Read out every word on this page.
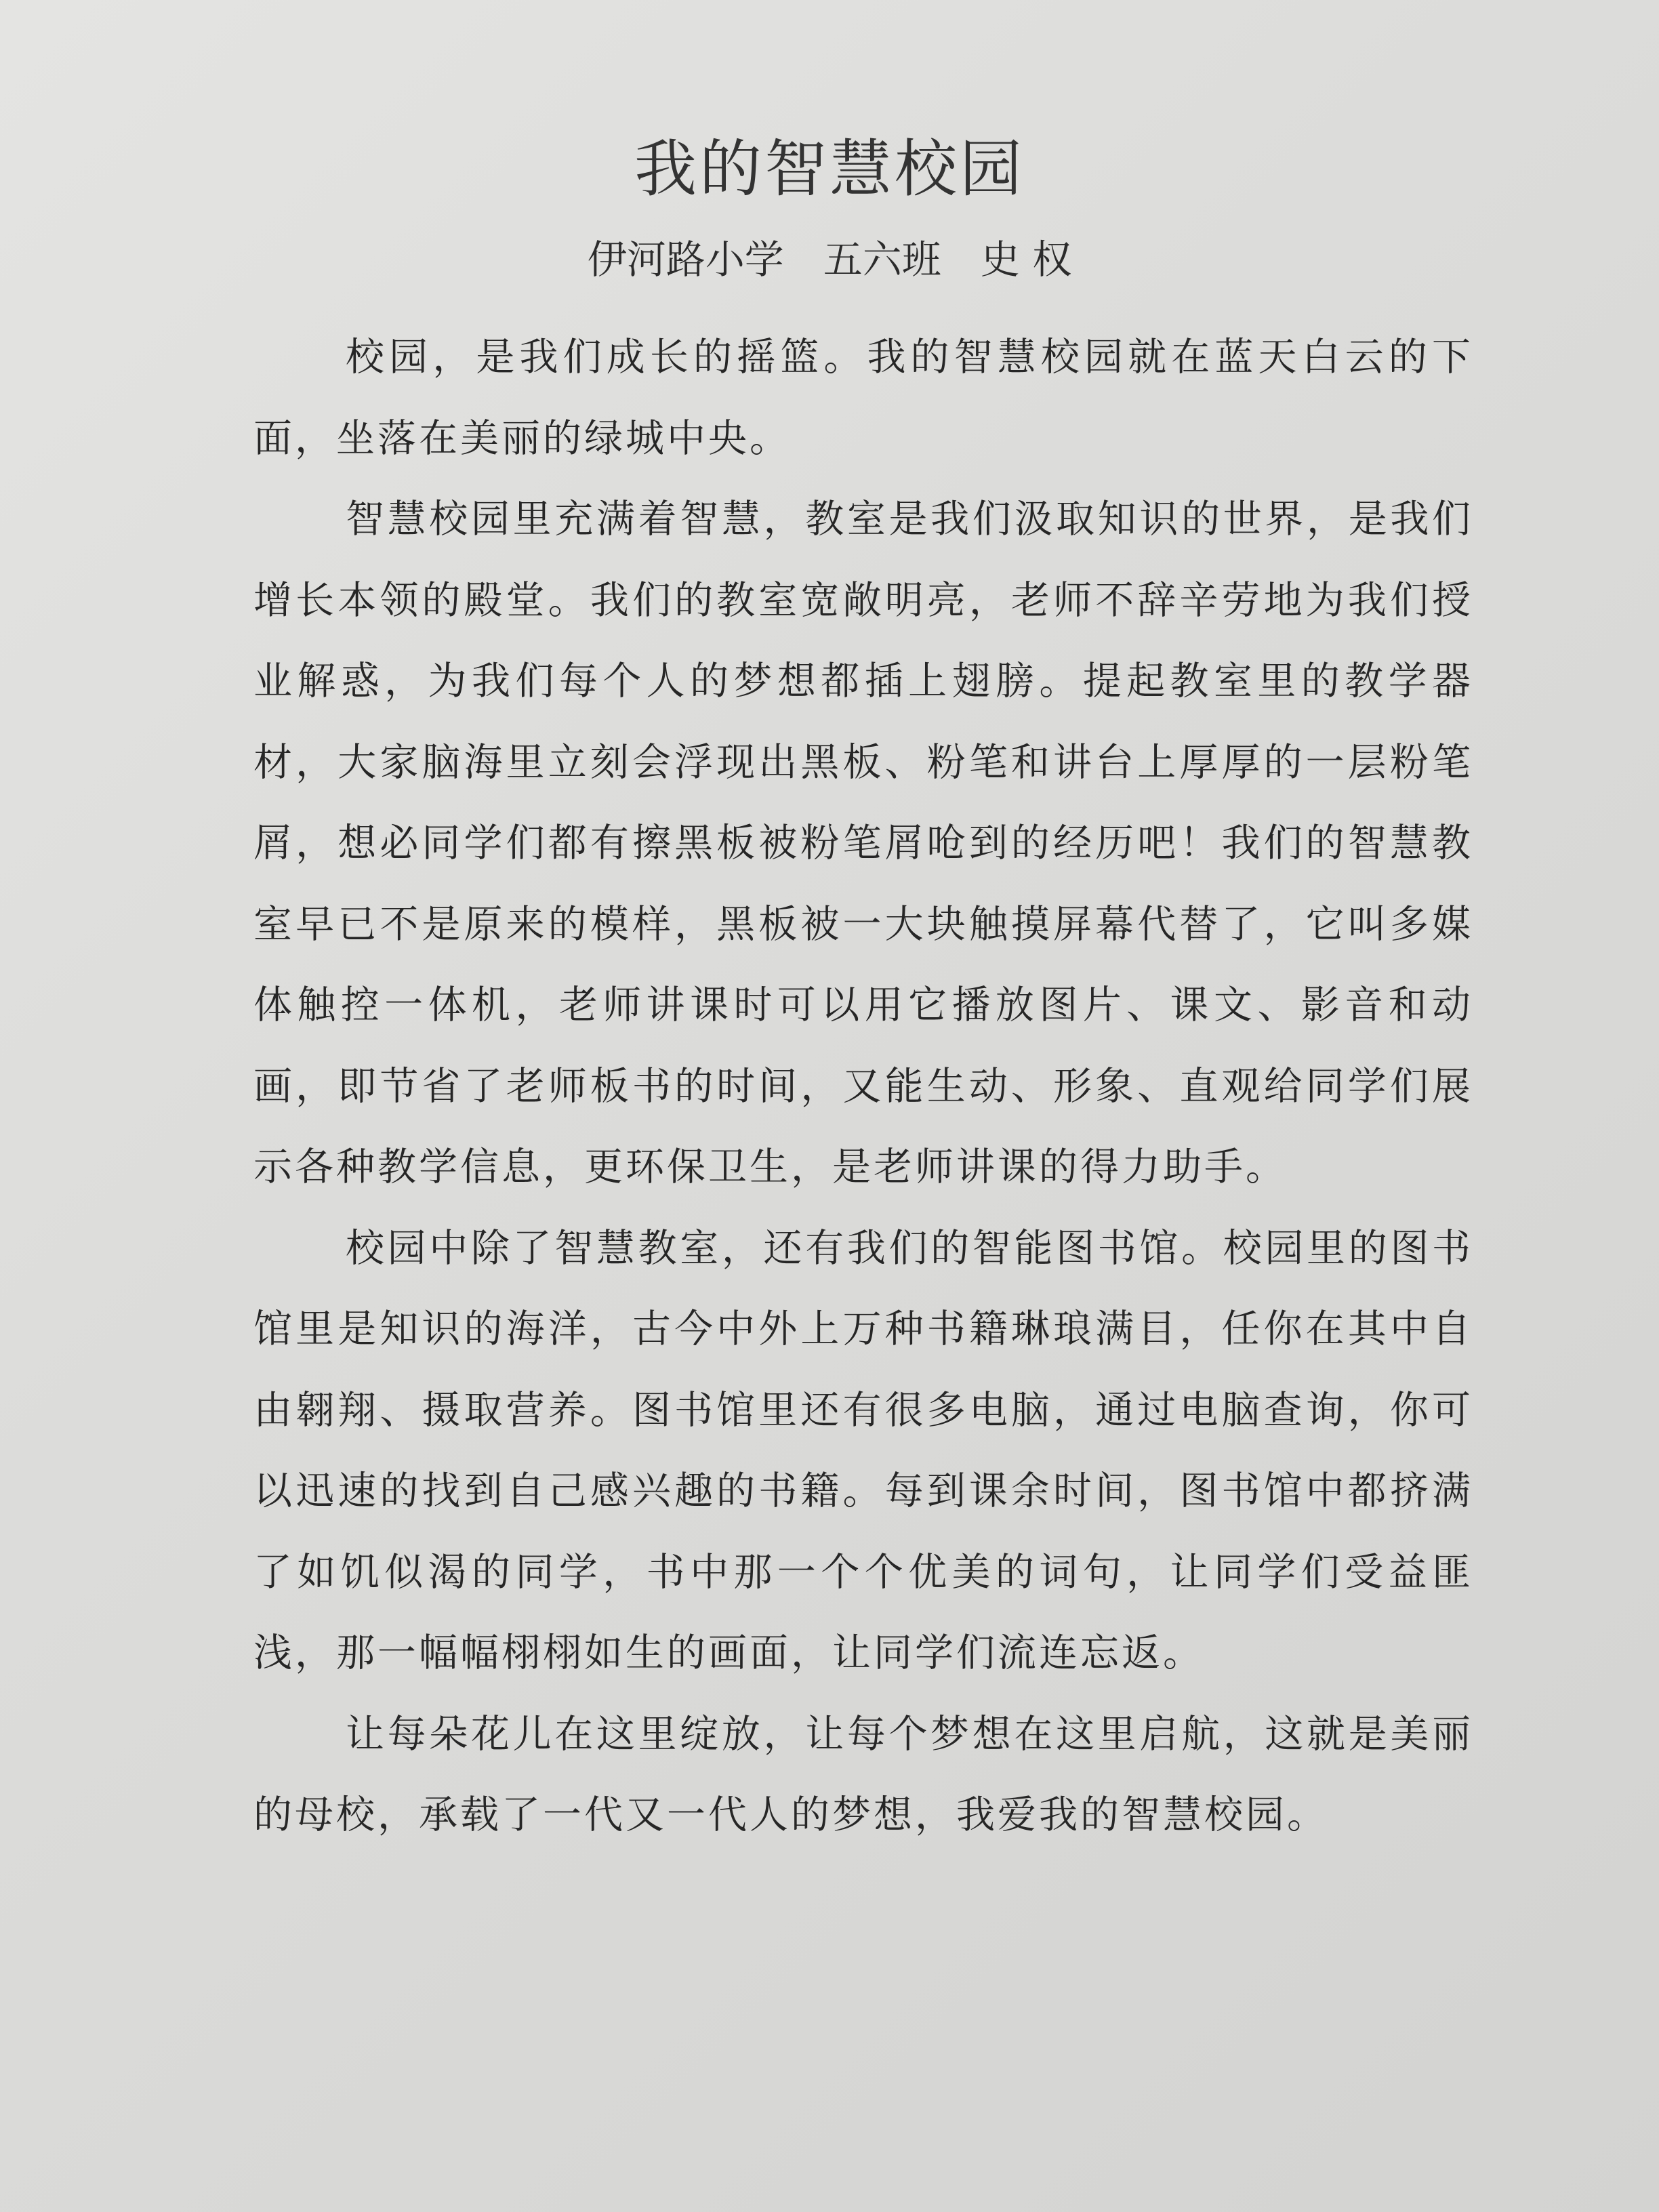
我的智慧校园
伊河路小学　五六班　史 权

校园，是我们成长的摇篮。我的智慧校园就在蓝天白云的下面，坐落在美丽的绿城中央。

智慧校园里充满着智慧，教室是我们汲取知识的世界，是我们增长本领的殿堂。我们的教室宽敞明亮，老师不辞辛劳地为我们授业解惑，为我们每个人的梦想都插上翅膀。提起教室里的教学器材，大家脑海里立刻会浮现出黑板、粉笔和讲台上厚厚的一层粉笔屑，想必同学们都有擦黑板被粉笔屑呛到的经历吧！我们的智慧教室早已不是原来的模样，黑板被一大块触摸屏幕代替了，它叫多媒体触控一体机，老师讲课时可以用它播放图片、课文、影音和动画，即节省了老师板书的时间，又能生动、形象、直观给同学们展示各种教学信息，更环保卫生，是老师讲课的得力助手。

校园中除了智慧教室，还有我们的智能图书馆。校园里的图书馆里是知识的海洋，古今中外上万种书籍琳琅满目，任你在其中自由翱翔、摄取营养。图书馆里还有很多电脑，通过电脑查询，你可以迅速的找到自己感兴趣的书籍。每到课余时间，图书馆中都挤满了如饥似渴的同学，书中那一个个优美的词句，让同学们受益匪浅，那一幅幅栩栩如生的画面，让同学们流连忘返。

让每朵花儿在这里绽放，让每个梦想在这里启航，这就是美丽的母校，承载了一代又一代人的梦想，我爱我的智慧校园。
